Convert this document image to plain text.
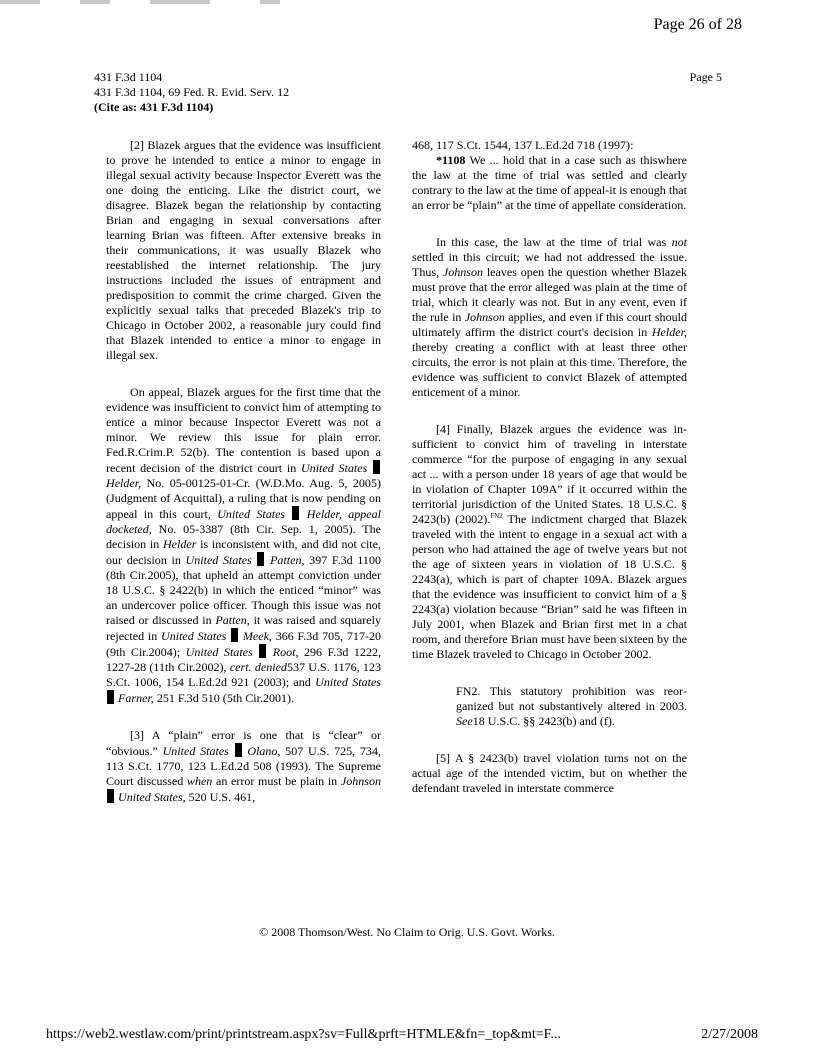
Page 26 of 28
431 F.3d 1104
431 F.3d 1104, 69 Fed. R. Evid. Serv. 12
(Cite as: 431 F.3d 1104)
Page 5

[2] Blazek argues that the evidence was insufficient to prove he intended to entice a minor to engage in illegal sexual activity because Inspector Everett was the one doing the enticing. Like the district court, we disagree. Blazek began the relationship by contacting Brian and engaging in sexual conversations after learning Brian was fifteen. After extensive breaks in their communications, it was usually Blazek who reestablished the internet relationship. The jury instructions included the issues of entrapment and predisposition to commit the crime charged. Given the explicitly sexual talks that preceded Blazek's trip to Chicago in October 2002, a reasonable jury could find that Blazek intended to entice a minor to engage in illegal sex.

On appeal, Blazek argues for the first time that the evidence was insufficient to convict him of attempting to entice a minor because Inspector Everett was not a minor. We review this issue for plain error. Fed.R.Crim.P. 52(b). The contention is based upon a recent decision of the district court in United States  Helder, No. 05-00125-01-Cr. (W.D.Mo. Aug. 5, 2005) (Judgment of Acquittal), a ruling that is now pending on appeal in this court, United States Helder, appeal docketed, No. 05-3387 (8th Cir. Sep. 1, 2005). The decision in Helder is inconsistent with, and did not cite, our decision in United States Patten, 397 F.3d 1100 (8th Cir.2005), that upheld an attempt conviction under 18 U.S.C. § 2422(b) in which the enticed “minor” was an undercover police officer. Though this issue was not raised or discussed in Patten, it was raised and squarely rejected in United States Meek, 366 F.3d 705, 717-20 (9th Cir.2004); United States Root, 296 F.3d 1222, 1227-28 (11th Cir.2002), cert. denied537 U.S. 1176, 123 S.Ct. 1006, 154 L.Ed.2d 921 (2003); and United States  Farner, 251 F.3d 510 (5th Cir.2001).

[3] A “plain” error is one that is “clear” or “obvious.” United States Olano, 507 U.S. 725, 734, 113 S.Ct. 1770, 123 L.Ed.2d 508 (1993). The Supreme Court discussed when an error must be plain in Johnson  United States, 520 U.S. 461,

468, 117 S.Ct. 1544, 137 L.Ed.2d 718 (1997):

*1108 We ... hold that in a case such as thiswhere the law at the time of trial was settled and clearly contrary to the law at the time of appeal-it is enough that an error be “plain” at the time of appellate consideration.

In this case, the law at the time of trial was not settled in this circuit; we had not addressed the issue. Thus, Johnson leaves open the question whether Blazek must prove that the error alleged was plain at the time of trial, which it clearly was not. But in any event, even if the rule in Johnson applies, and even if this court should ultimately affirm the district court's decision in Helder, thereby creating a conflict with at least three other circuits, the error is not plain at this time. Therefore, the evidence was sufficient to convict Blazek of attempted enticement of a minor.

[4] Finally, Blazek argues the evidence was insufficient to convict him of traveling in interstate commerce “for the purpose of engaging in any sexual act ... with a person under 18 years of age that would be in violation of Chapter 109A” if it occurred within the territorial jurisdiction of the United States. 18 U.S.C. § 2423(b) (2002).$^{FN2}$ The indictment charged that Blazek traveled with the intent to engage in a sexual act with a person who had attained the age of twelve years but not the age of sixteen years in violation of 18 U.S.C. § 2243(a), which is part of chapter 109A. Blazek argues that the evidence was insufficient to convict him of a § 2243(a) violation because “Brian” said he was fifteen in July 2001, when Blazek and Brian first met in a chat room, and therefore Brian must have been sixteen by the time Blazek traveled to Chicago in October 2002.

FN2. This statutory prohibition was reorganized but not substantively altered in 2003. See18 U.S.C. §§ 2423(b) and (f).

[5] A § 2423(b) travel violation turns not on the actual age of the intended victim, but on whether the defendant traveled in interstate commerce

© 2008 Thomson/West. No Claim to Orig. U.S. Govt. Works.
https://web2.westlaw.com/print/printstream.aspx?sv=Full&prft=HTMLE&fn=_top&mt=F...	2/27/2008
